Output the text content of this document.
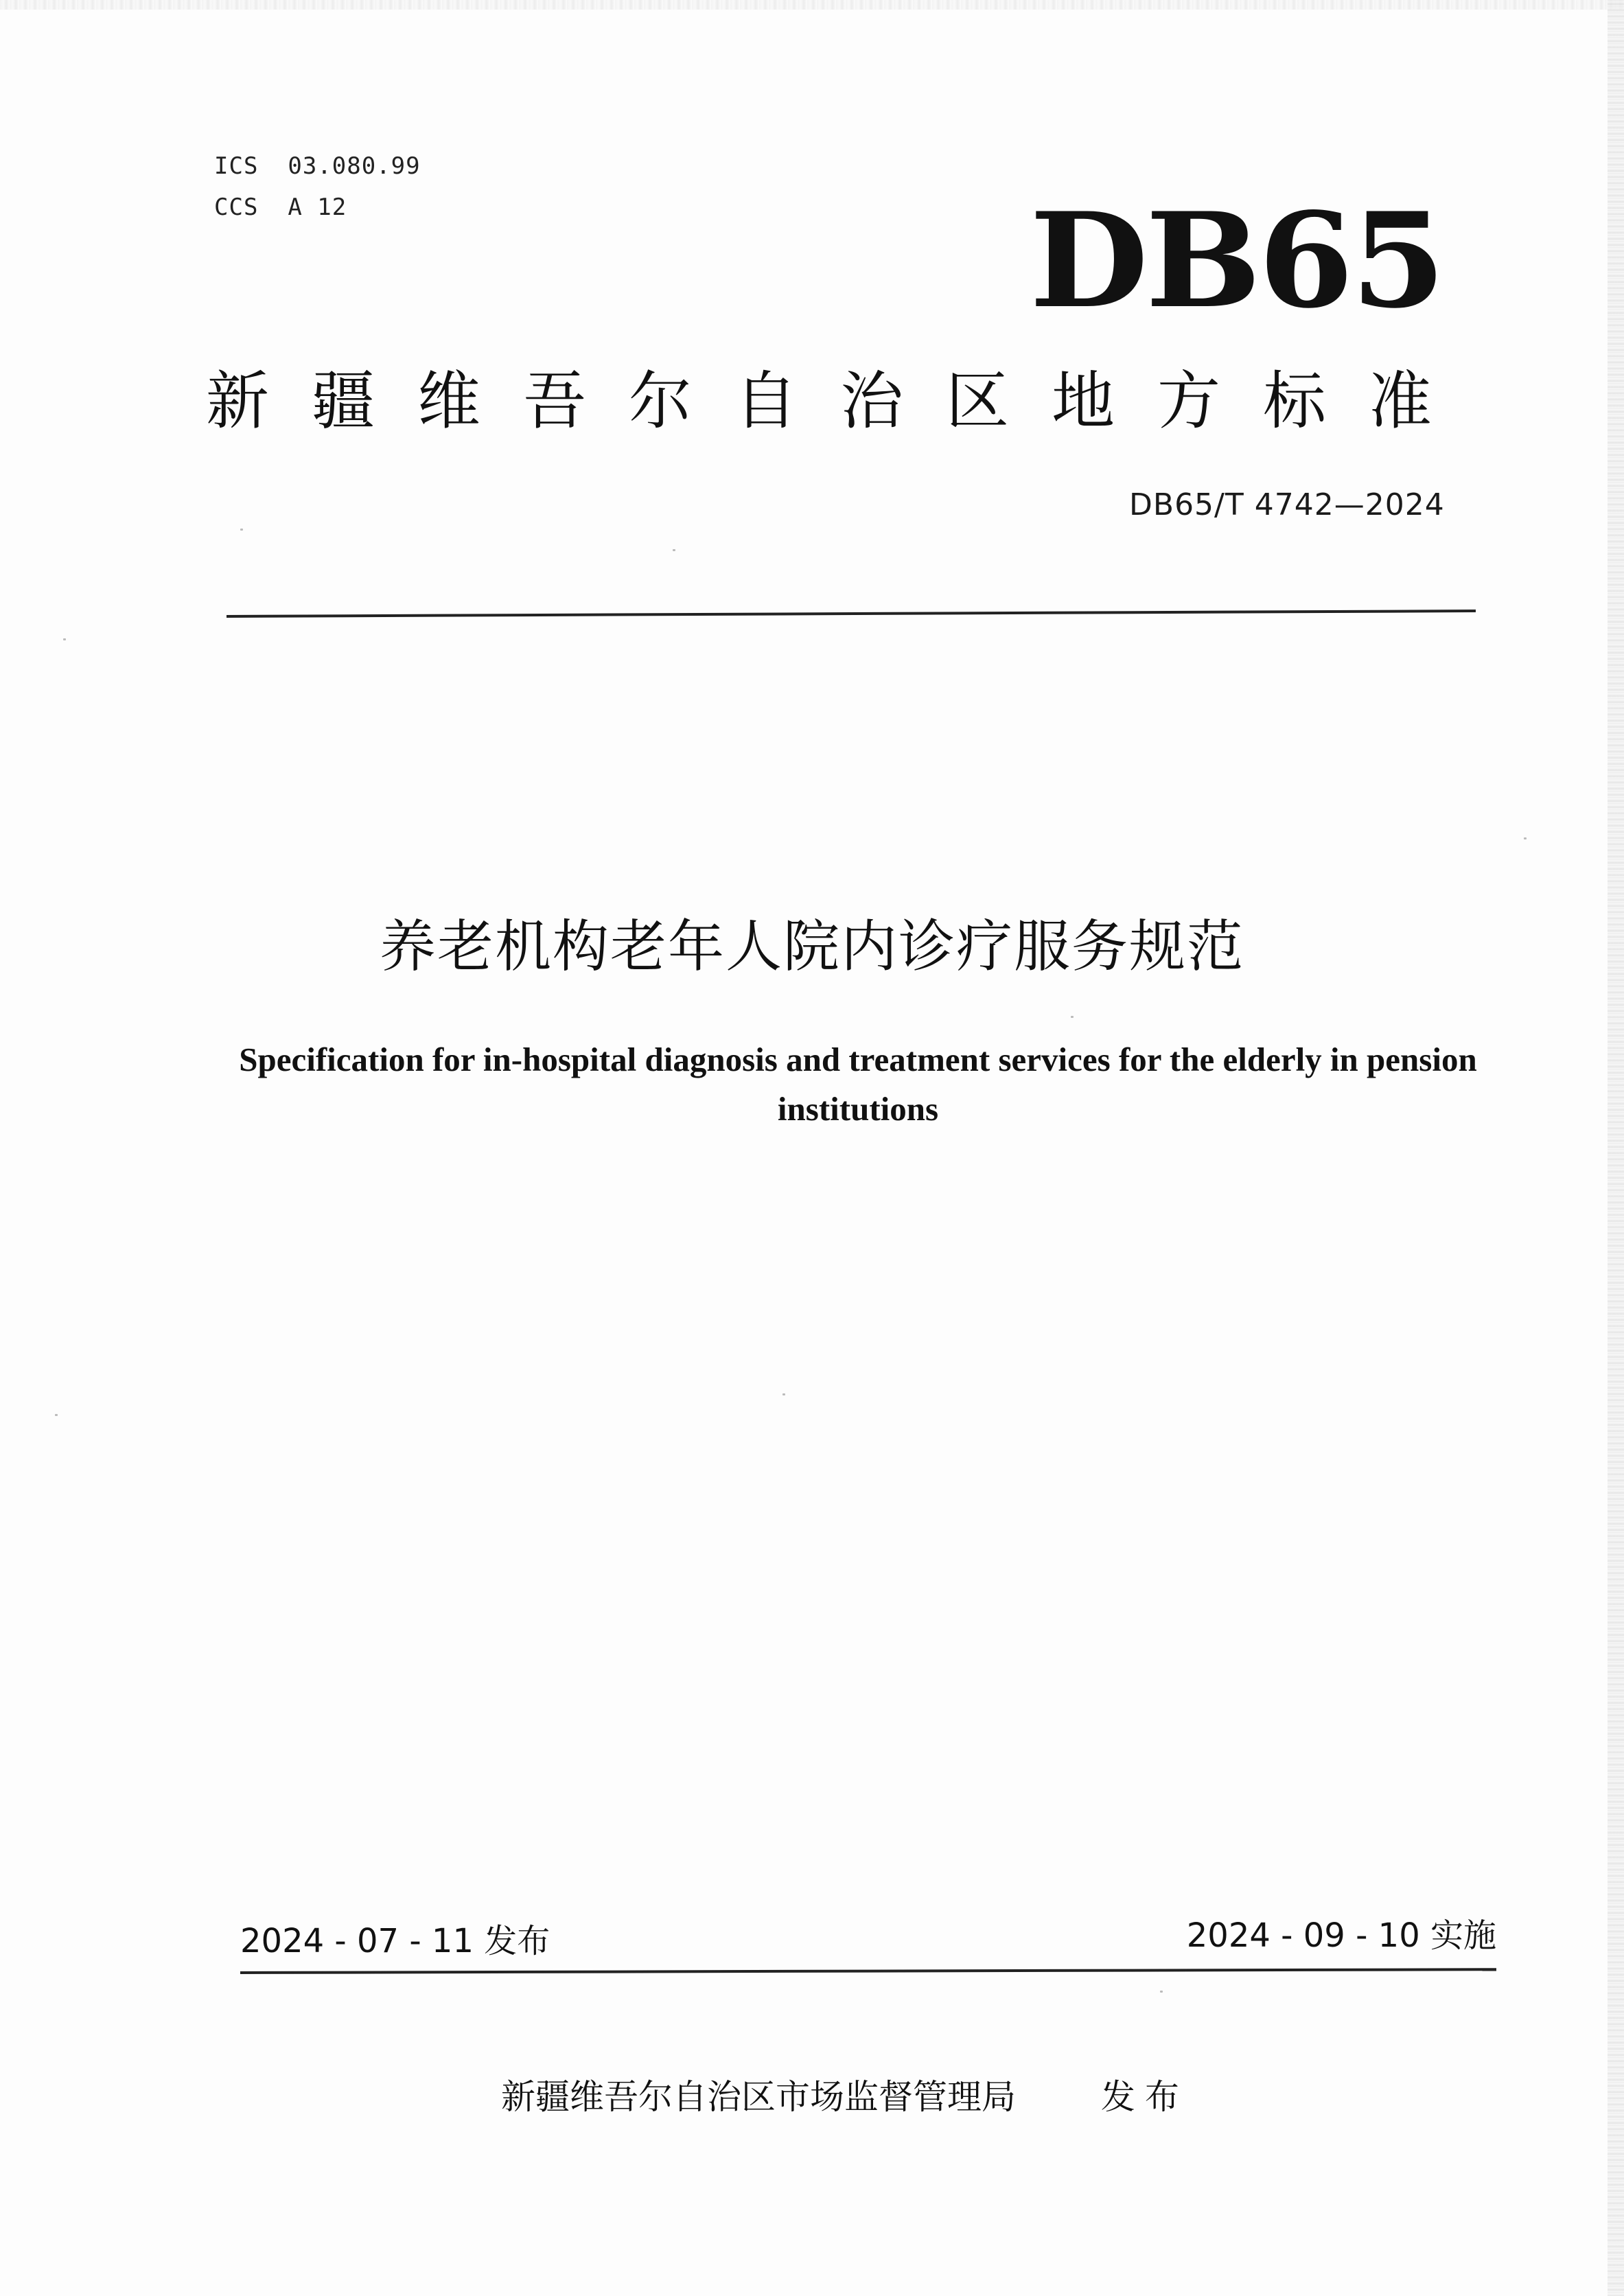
ICS  03.080.99
CCS  A 12	DB65
新疆维吾尔自治区地方标准
DB65/T 4742—2024
养老机构老年人院内诊疗服务规范
Specification for in-hospital diagnosis and treatment services for the elderly in pension institutions
2024 - 07 - 11 发布	2024 - 09 - 10 实施
新疆维吾尔自治区市场监督管理局 发布
